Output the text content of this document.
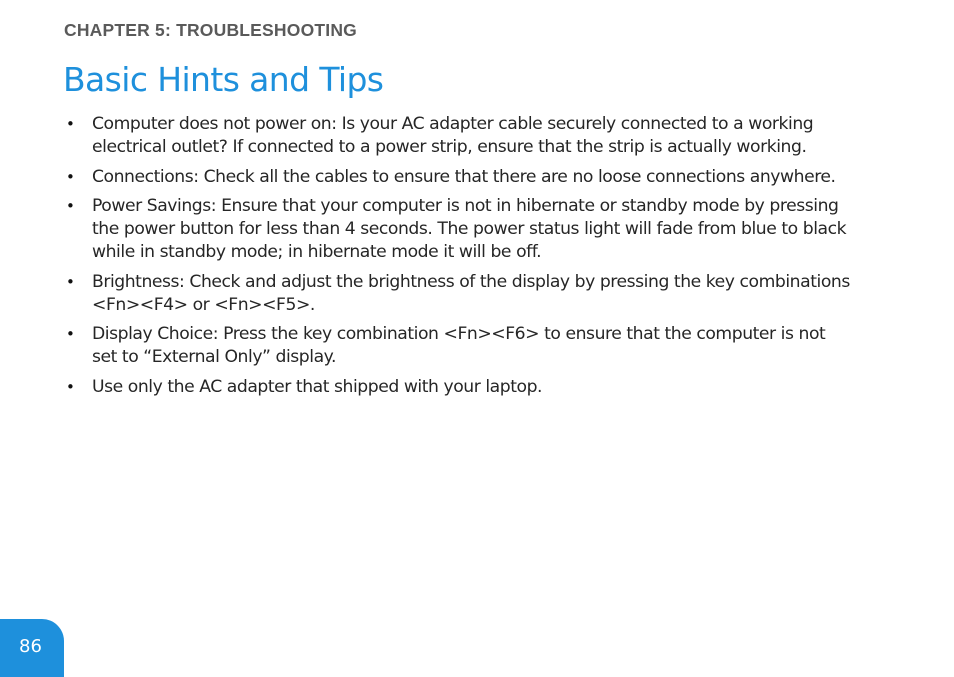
CHAPTER 5: TROUBLESHOOTING
Basic Hints and Tips
• Computer does not power on: Is your AC adapter cable securely connected to a working electrical outlet? If connected to a power strip, ensure that the strip is actually working.
• Connections: Check all the cables to ensure that there are no loose connections anywhere.
• Power Savings: Ensure that your computer is not in hibernate or standby mode by pressing the power button for less than 4 seconds. The power status light will fade from blue to black while in standby mode; in hibernate mode it will be off.
• Brightness: Check and adjust the brightness of the display by pressing the key combinations <Fn><F4> or <Fn><F5>.
• Display Choice: Press the key combination <Fn><F6> to ensure that the computer is not set to “External Only” display.
• Use only the AC adapter that shipped with your laptop.
86
